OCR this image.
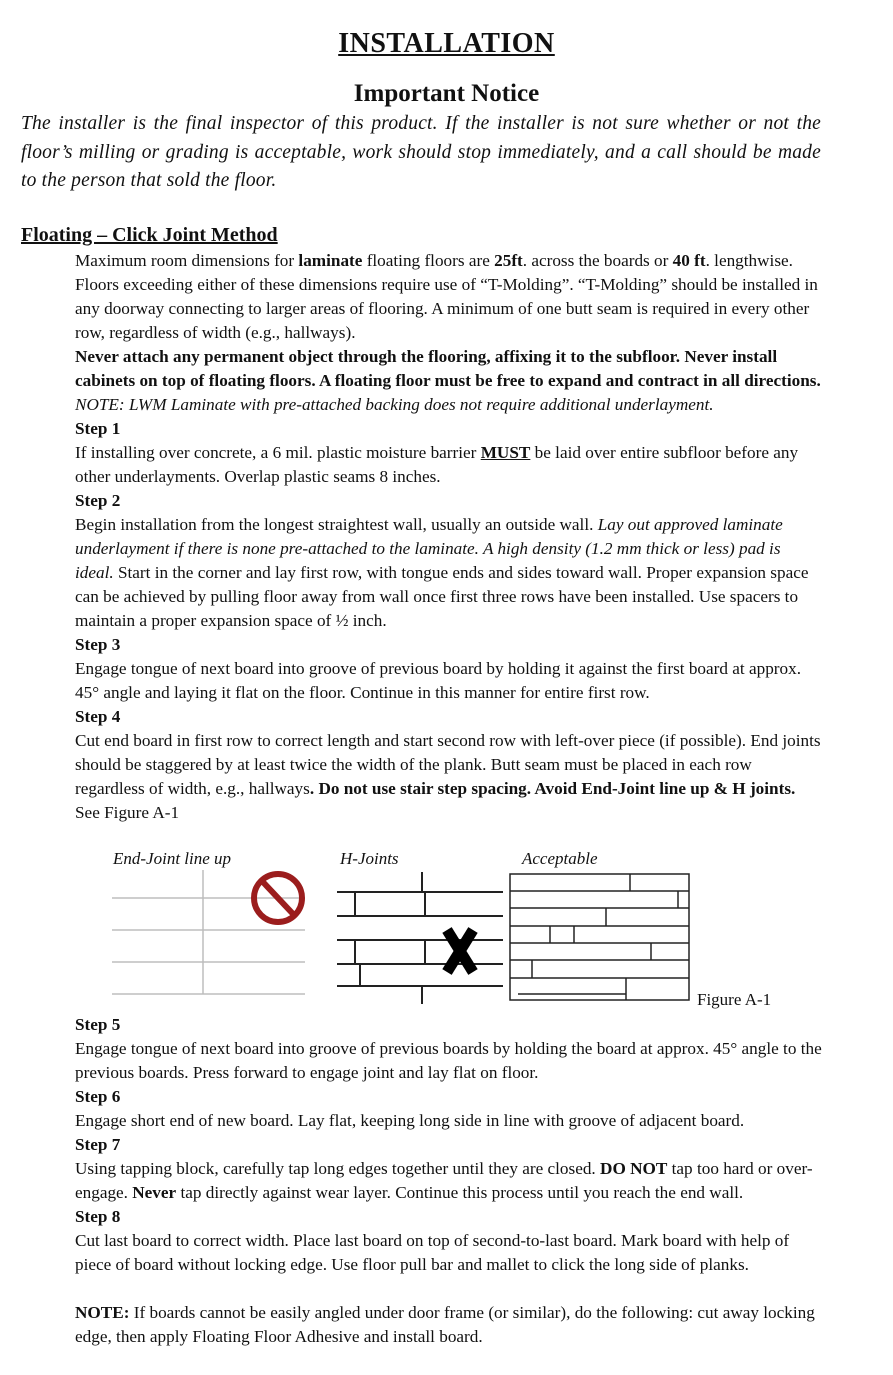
INSTALLATION
Important Notice
The installer is the final inspector of this product. If the installer is not sure whether or not the floor’s milling or grading is acceptable, work should stop immediately, and a call should be made to the person that sold the floor.
Floating – Click Joint Method

Maximum room dimensions for laminate floating floors are 25ft. across the boards or 40 ft. lengthwise. Floors exceeding either of these dimensions require use of “T-Molding”. “T-Molding” should be installed in any doorway connecting to larger areas of flooring. A minimum of one butt seam is required in every other row, regardless of width (e.g., hallways).

Never attach any permanent object through the flooring, affixing it to the subfloor. Never install cabinets on top of floating floors. A floating floor must be free to expand and contract in all directions.

NOTE: LWM Laminate with pre-attached backing does not require additional underlayment.

Step 1

If installing over concrete, a 6 mil. plastic moisture barrier MUST be laid over entire subfloor before any other underlayments. Overlap plastic seams 8 inches.

Step 2

Begin installation from the longest straightest wall, usually an outside wall. Lay out approved laminate underlayment if there is none pre-attached to the laminate. A high density (1.2 mm thick or less) pad is ideal. Start in the corner and lay first row, with tongue ends and sides toward wall. Proper expansion space can be achieved by pulling floor away from wall once first three rows have been installed. Use spacers to maintain a proper expansion space of ½ inch.

Step 3

Engage tongue of next board into groove of previous board by holding it against the first board at approx. 45° angle and laying it flat on the floor. Continue in this manner for entire first row.

Step 4

Cut end board in first row to correct length and start second row with left-over piece (if possible). End joints should be staggered by at least twice the width of the plank. Butt seam must be placed in each row regardless of width, e.g., hallways. Do not use stair step spacing. Avoid End-Joint line up & H joints.

See Figure A-1

End-Joint line up	H-Joints	Acceptable
Figure A-1
Step 5

Engage tongue of next board into groove of previous boards by holding the board at approx. 45° angle to the previous boards. Press forward to engage joint and lay flat on floor.

Step 6

Engage short end of new board. Lay flat, keeping long side in line with groove of adjacent board.

Step 7

Using tapping block, carefully tap long edges together until they are closed. DO NOT tap too hard or over-engage. Never tap directly against wear layer. Continue this process until you reach the end wall.

Step 8

Cut last board to correct width. Place last board on top of second-to-last board. Mark board with help of piece of board without locking edge. Use floor pull bar and mallet to click the long side of planks.

NOTE: If boards cannot be easily angled under door frame (or similar), do the following: cut away locking edge, then apply Floating Floor Adhesive and install board.
